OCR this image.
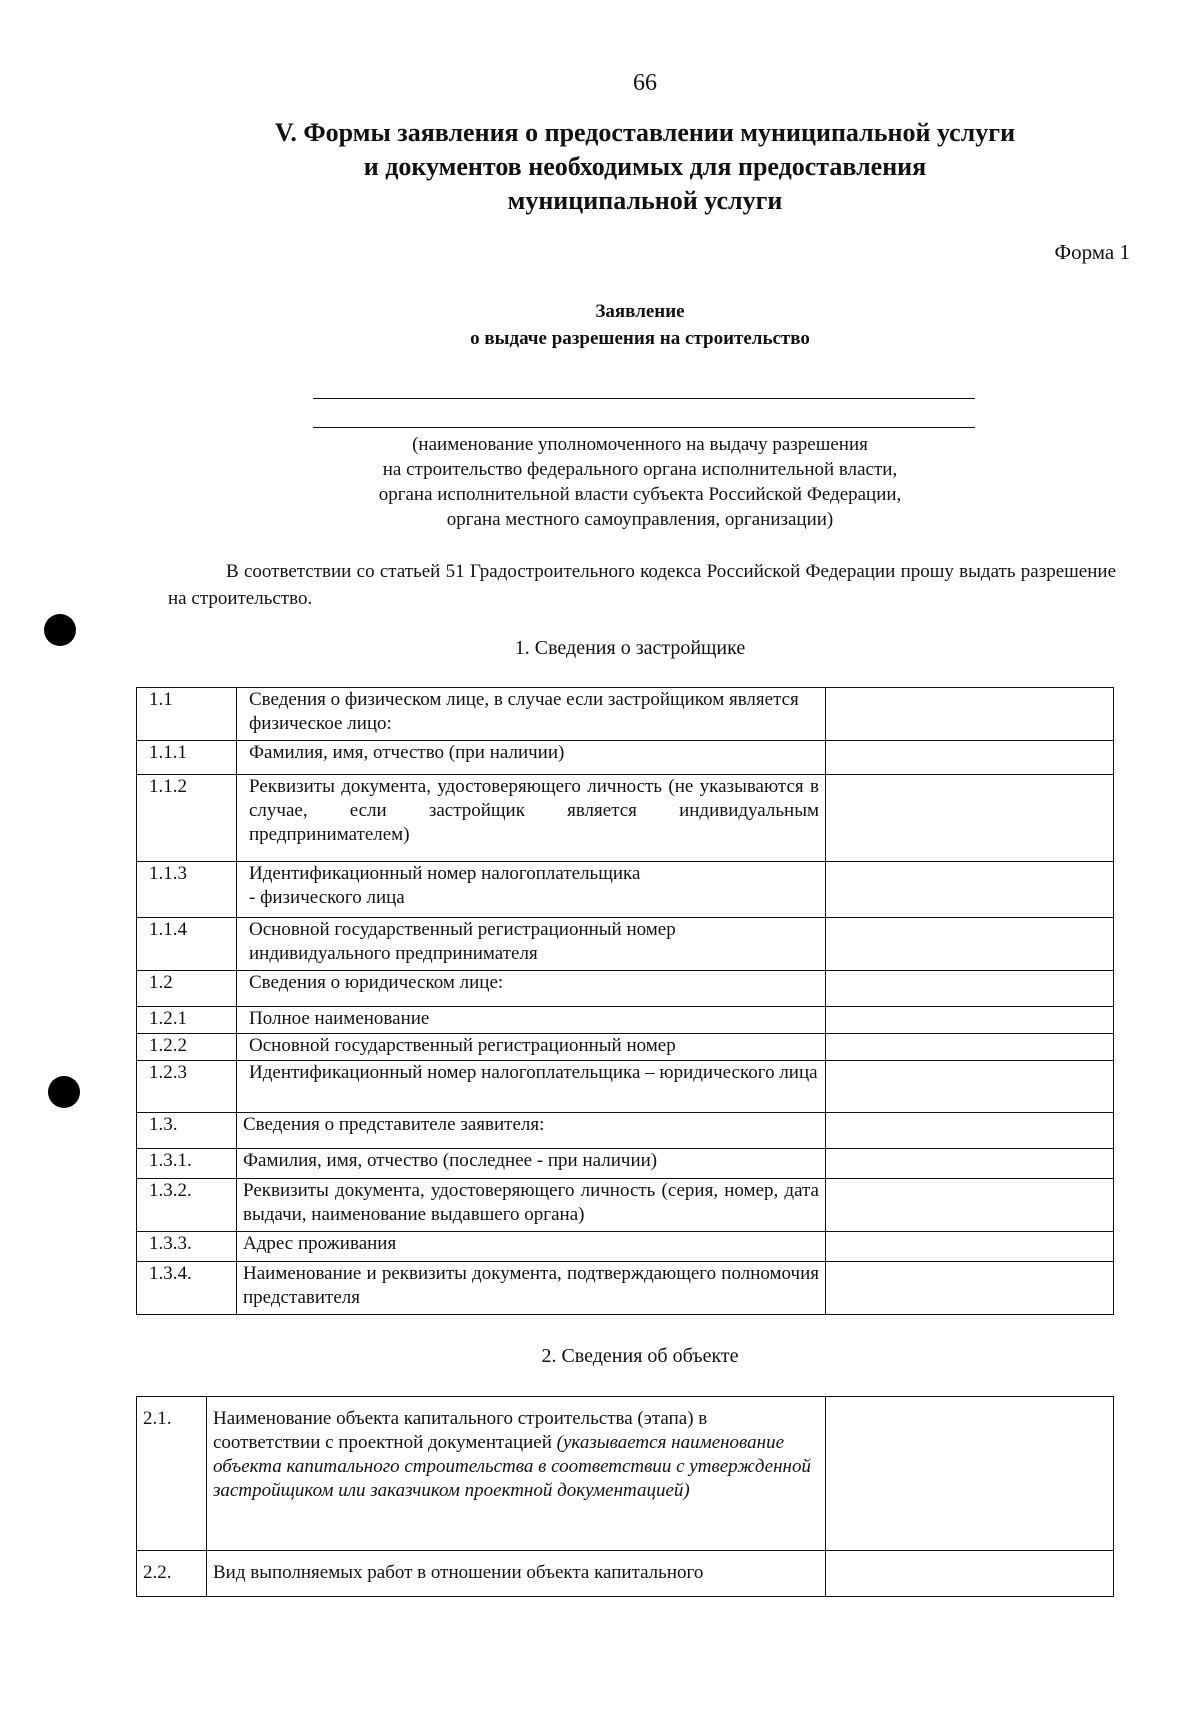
66
V. Формы заявления о предоставлении муниципальной услуги
и документов необходимых для предоставления
муниципальной услуги
Форма 1
Заявление
о выдаче разрешения на строительство
(наименование уполномоченного на выдачу разрешения
на строительство федерального органа исполнительной власти,
органа исполнительной власти субъекта Российской Федерации,
органа местного самоуправления, организации)
В соответствии со статьей 51 Градостроительного кодекса Российской Федерации прошу выдать разрешение на строительство.
1. Сведения о застройщике
1.1	Сведения о физическом лице, в случае если застройщиком является физическое лицо:	
1.1.1	Фамилия, имя, отчество (при наличии)	
1.1.2	Реквизиты документа, удостоверяющего личность (не указываются в случае, если застройщик является индивидуальным предпринимателем)	
1.1.3	Идентификационный номер налогоплательщика
- физического лица	

1.1.4	Основной государственный регистрационный номер индивидуального предпринимателя	
1.2	Сведения о юридическом лице:	
1.2.1	Полное наименование	
1.2.2	Основной государственный регистрационный номер	
1.2.3	Идентификационный номер налогоплательщика – юридического лица	
1.3.	Сведения о представителе заявителя:	
1.3.1.	Фамилия, имя, отчество (последнее - при наличии)	
1.3.2.	Реквизиты документа, удостоверяющего личность (серия, номер, дата выдачи, наименование выдавшего органа)	
1.3.3.	Адрес проживания	
1.3.4.	Наименование и реквизиты документа, подтверждающего полномочия представителя	
2. Сведения об объекте
2.1.	Наименование объекта капитального строительства (этапа) в соответствии с проектной документацией (указывается наименование объекта капитального строительства в соответствии с утвержденной застройщиком или заказчиком проектной документацией)	
2.2.	Вид выполняемых работ в отношении объекта капитального	
